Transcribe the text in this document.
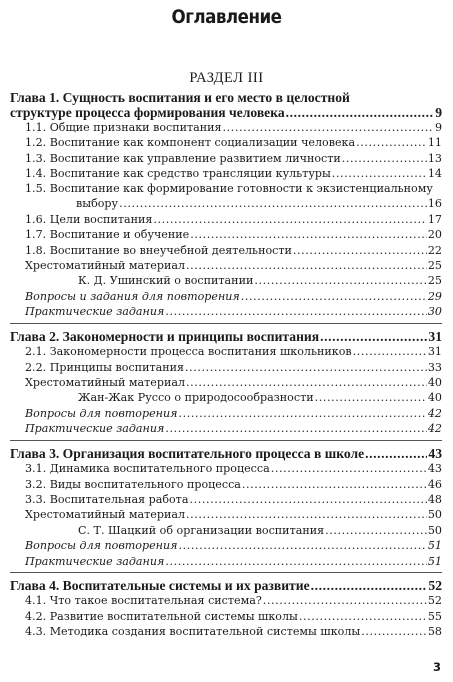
Оглавление
РАЗДЕЛ III
Глава 1. Сущность воспитания и его место в целостной
структуре процесса формирования человека .....	9
1.1. Общие признаки воспитания .....	9
1.2. Воспитание как компонент социализации человека .....	11
1.3. Воспитание как управление развитием личности .....	13
1.4. Воспитание как средство трансляции культуры .....	14
1.5. Воспитание как формирование готовности к экзистенциальному
выбору .....	16
1.6. Цели воспитания .....	17
1.7. Воспитание и обучение .....	20
1.8. Воспитание во внеучебной деятельности .....	22
Хрестоматийный материал .....	25
К. Д. Ушинский о воспитании .....	25
Вопросы и задания для повторения .....	29
Практические задания .....	30
Глава 2. Закономерности и принципы воспитания .....	31
2.1. Закономерности процесса воспитания школьников .....	31
2.2. Принципы воспитания .....	33
Хрестоматийный материал .....	40
Жан-Жак Руссо о природосообразности .....	40
Вопросы для повторения .....	42
Практические задания .....	42
Глава 3. Организация воспитательного процесса в школе .....	43
3.1. Динамика воспитательного процесса .....	43
3.2. Виды воспитательного процесса .....	46
3.3. Воспитательная работа .....	48
Хрестоматийный материал .....	50
С. Т. Шацкий об организации воспитания .....	50
Вопросы для повторения .....	51
Практические задания .....	51
Глава 4. Воспитательные системы и их развитие .....	52
4.1. Что такое воспитательная система? .....	52
4.2. Развитие воспитательной системы школы .....	55
4.3. Методика создания воспитательной системы школы .....	58
3
